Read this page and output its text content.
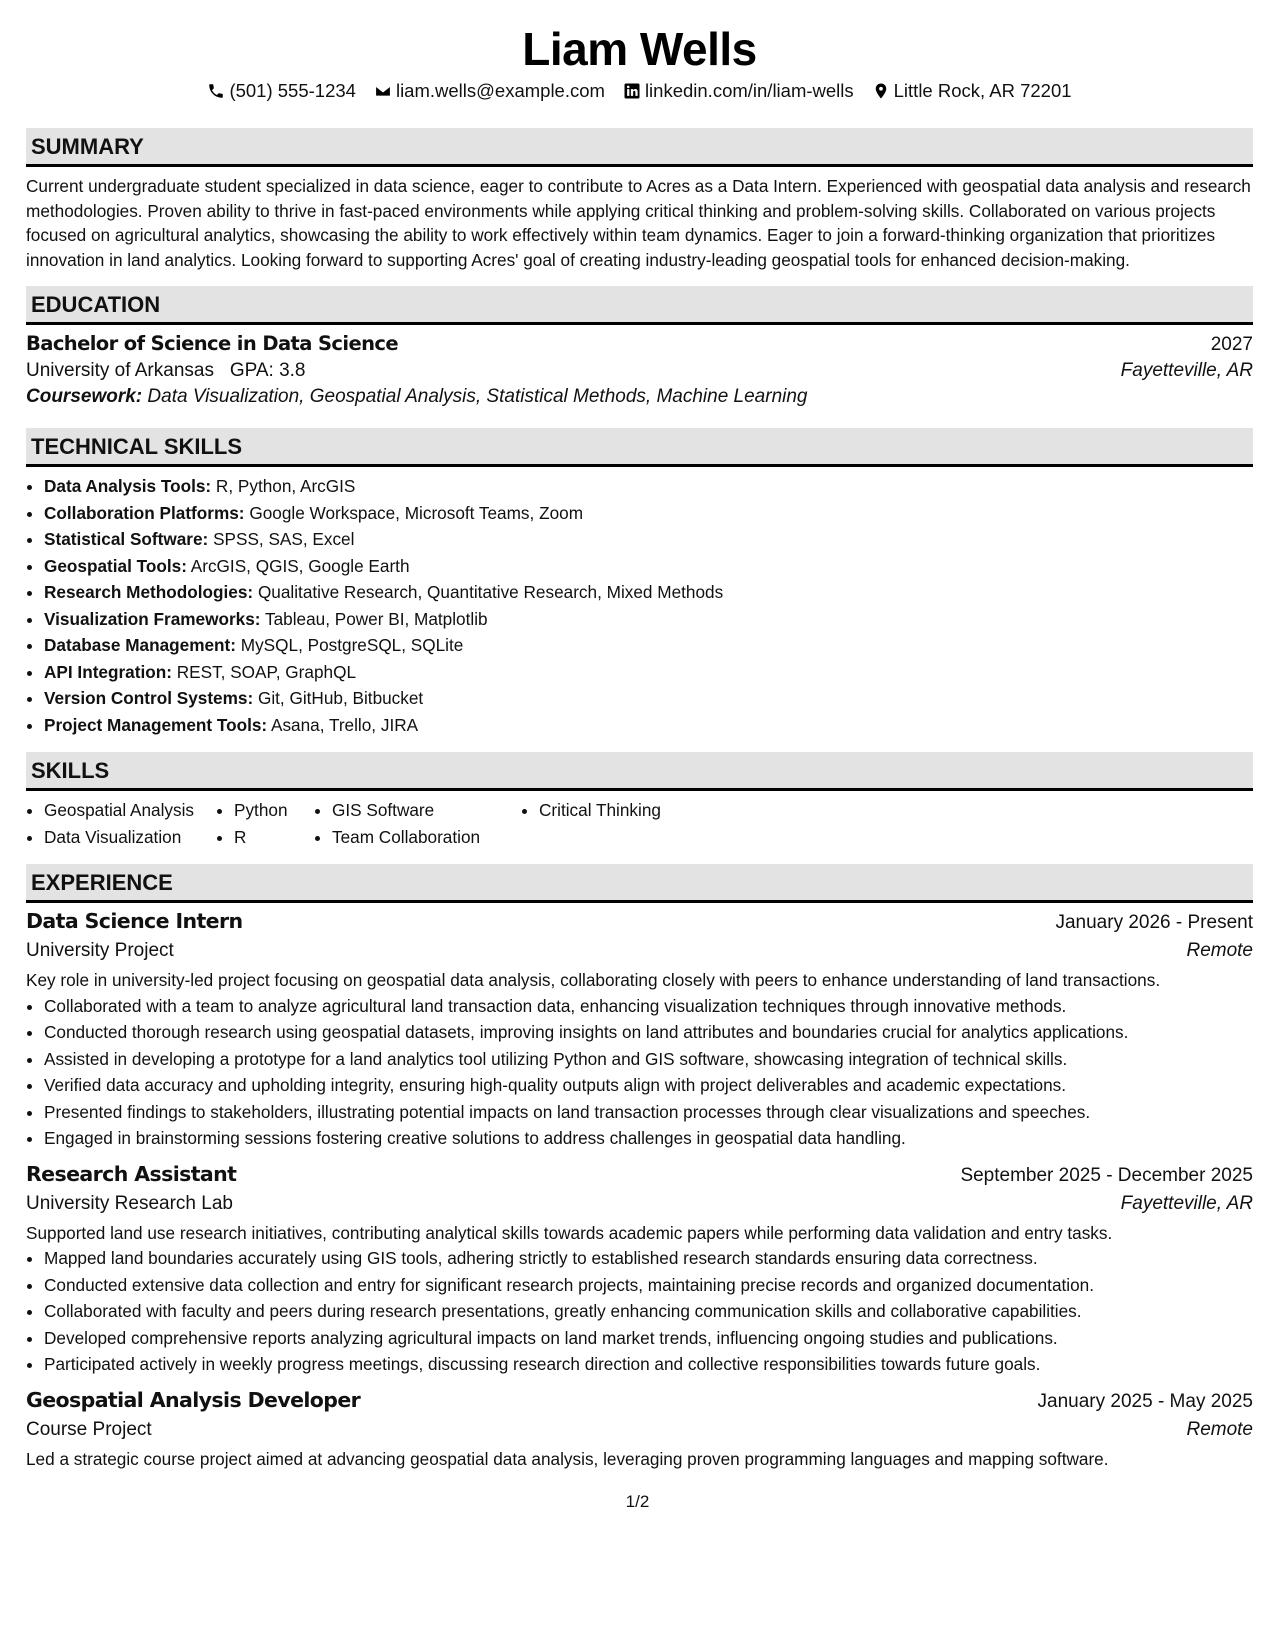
Liam Wells
(501) 555-1234 liam.wells@example.com linkedin.com/in/liam-wells Little Rock, AR 72201
SUMMARY

Current undergraduate student specialized in data science, eager to contribute to Acres as a Data Intern. Experienced with geospatial data analysis and research methodologies. Proven ability to thrive in fast-paced environments while applying critical thinking and problem-solving skills. Collaborated on various projects focused on agricultural analytics, showcasing the ability to work effectively within team dynamics. Eager to join a forward-thinking organization that prioritizes innovation in land analytics. Looking forward to supporting Acres' goal of creating industry-leading geospatial tools for enhanced decision-making.

EDUCATION
Bachelor of Science in Data Science	2027
University of Arkansas GPA: 3.8	Fayetteville, AR
Coursework: Data Visualization, Geospatial Analysis, Statistical Methods, Machine Learning
TECHNICAL SKILLS
• Data Analysis Tools: R, Python, ArcGIS
• Collaboration Platforms: Google Workspace, Microsoft Teams, Zoom
• Statistical Software: SPSS, SAS, Excel
• Geospatial Tools: ArcGIS, QGIS, Google Earth
• Research Methodologies: Qualitative Research, Quantitative Research, Mixed Methods
• Visualization Frameworks: Tableau, Power BI, Matplotlib
• Database Management: MySQL, PostgreSQL, SQLite
• API Integration: REST, SOAP, GraphQL
• Version Control Systems: Git, GitHub, Bitbucket
• Project Management Tools: Asana, Trello, JIRA
SKILLS
• Geospatial Analysis
• Data Visualization
• Python
• R
• GIS Software
• Team Collaboration
• Critical Thinking
EXPERIENCE
Data Science Intern	January 2026 - Present
University Project	Remote

Key role in university-led project focusing on geospatial data analysis, collaborating closely with peers to enhance understanding of land transactions.

• Collaborated with a team to analyze agricultural land transaction data, enhancing visualization techniques through innovative methods.
• Conducted thorough research using geospatial datasets, improving insights on land attributes and boundaries crucial for analytics applications.
• Assisted in developing a prototype for a land analytics tool utilizing Python and GIS software, showcasing integration of technical skills.
• Verified data accuracy and upholding integrity, ensuring high-quality outputs align with project deliverables and academic expectations.
• Presented findings to stakeholders, illustrating potential impacts on land transaction processes through clear visualizations and speeches.
• Engaged in brainstorming sessions fostering creative solutions to address challenges in geospatial data handling.
Research Assistant	September 2025 - December 2025
University Research Lab	Fayetteville, AR

Supported land use research initiatives, contributing analytical skills towards academic papers while performing data validation and entry tasks.

• Mapped land boundaries accurately using GIS tools, adhering strictly to established research standards ensuring data correctness.
• Conducted extensive data collection and entry for significant research projects, maintaining precise records and organized documentation.
• Collaborated with faculty and peers during research presentations, greatly enhancing communication skills and collaborative capabilities.
• Developed comprehensive reports analyzing agricultural impacts on land market trends, influencing ongoing studies and publications.
• Participated actively in weekly progress meetings, discussing research direction and collective responsibilities towards future goals.
Geospatial Analysis Developer	January 2025 - May 2025
Course Project	Remote

Led a strategic course project aimed at advancing geospatial data analysis, leveraging proven programming languages and mapping software.

1/2
